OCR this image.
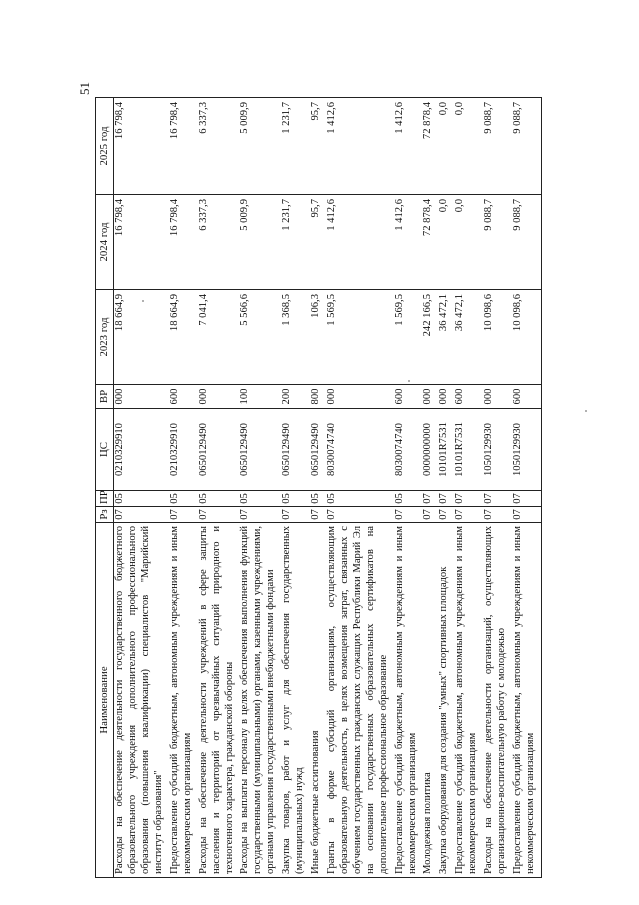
51
Наименование	Рз	ПР	ЦС	ВР	2023 год	2024 год	2025 год
Расходы на обеспечение деятельности государственного бюджетного образовательного учреждения дополнительного профессионального образования (повышения квалификации) специалистов "Марийский институт образования"	07	05	0210329910	000	18 664,9	16 798,4	16 798,4
Предоставление субсидий бюджетным, автономным учреждениям и иным некоммерческим организациям	07	05	0210329910	600	18 664,9	16 798,4	16 798,4
Расходы на обеспечение деятельности учреждений в сфере защиты населения и территорий от чрезвычайных ситуаций природного и техногенного характера, гражданской обороны	07	05	0650129490	000	7 041,4	6 337,3	6 337,3
Расходы на выплаты персоналу в целях обеспечения выполнения функций государственными (муниципальными) органами, казенными учреждениями, органами управления государственными внебюджетными фондами	07	05	0650129490	100	5 566,6	5 009,9	5 009,9
Закупка товаров, работ и услуг для обеспечения государственных (муниципальных) нужд	07	05	0650129490	200	1 368,5	1 231,7	1 231,7
Иные бюджетные ассигнования	07	05	0650129490	800	106,3	95,7	95,7
Гранты в форме субсидий организациям, осуществляющим образовательную деятельность, в целях возмещения затрат, связанных с обучением государственных гражданских служащих Республики Марий Эл на основании государственных образовательных сертификатов на дополнительное профессиональное образование	07	05	8030074740	000	1 569,5	1 412,6	1 412,6
Предоставление субсидий бюджетным, автономным учреждениям и иным некоммерческим организациям	07	05	8030074740	600	1 569,5	1 412,6	1 412,6
Молодежная политика	07	07	0000000000	000	242 166,5	72 878,4	72 878,4
Закупка оборудования для создания "умных" спортивных площадок	07	07	10101R7531	000	36 472,1	0,0	0,0
Предоставление субсидий бюджетным, автономным учреждениям и иным некоммерческим организациям	07	07	10101R7531	600	36 472,1	0,0	0,0
Расходы на обеспечение деятельности организаций, осуществляющих организационно-воспитательную работу с молодежью	07	07	1050129930	000	10 098,6	9 088,7	9 088,7
Предоставление субсидий бюджетным, автономным учреждениям и иным некоммерческим организациям	07	07	1050129930	600	10 098,6	9 088,7	9 088,7
